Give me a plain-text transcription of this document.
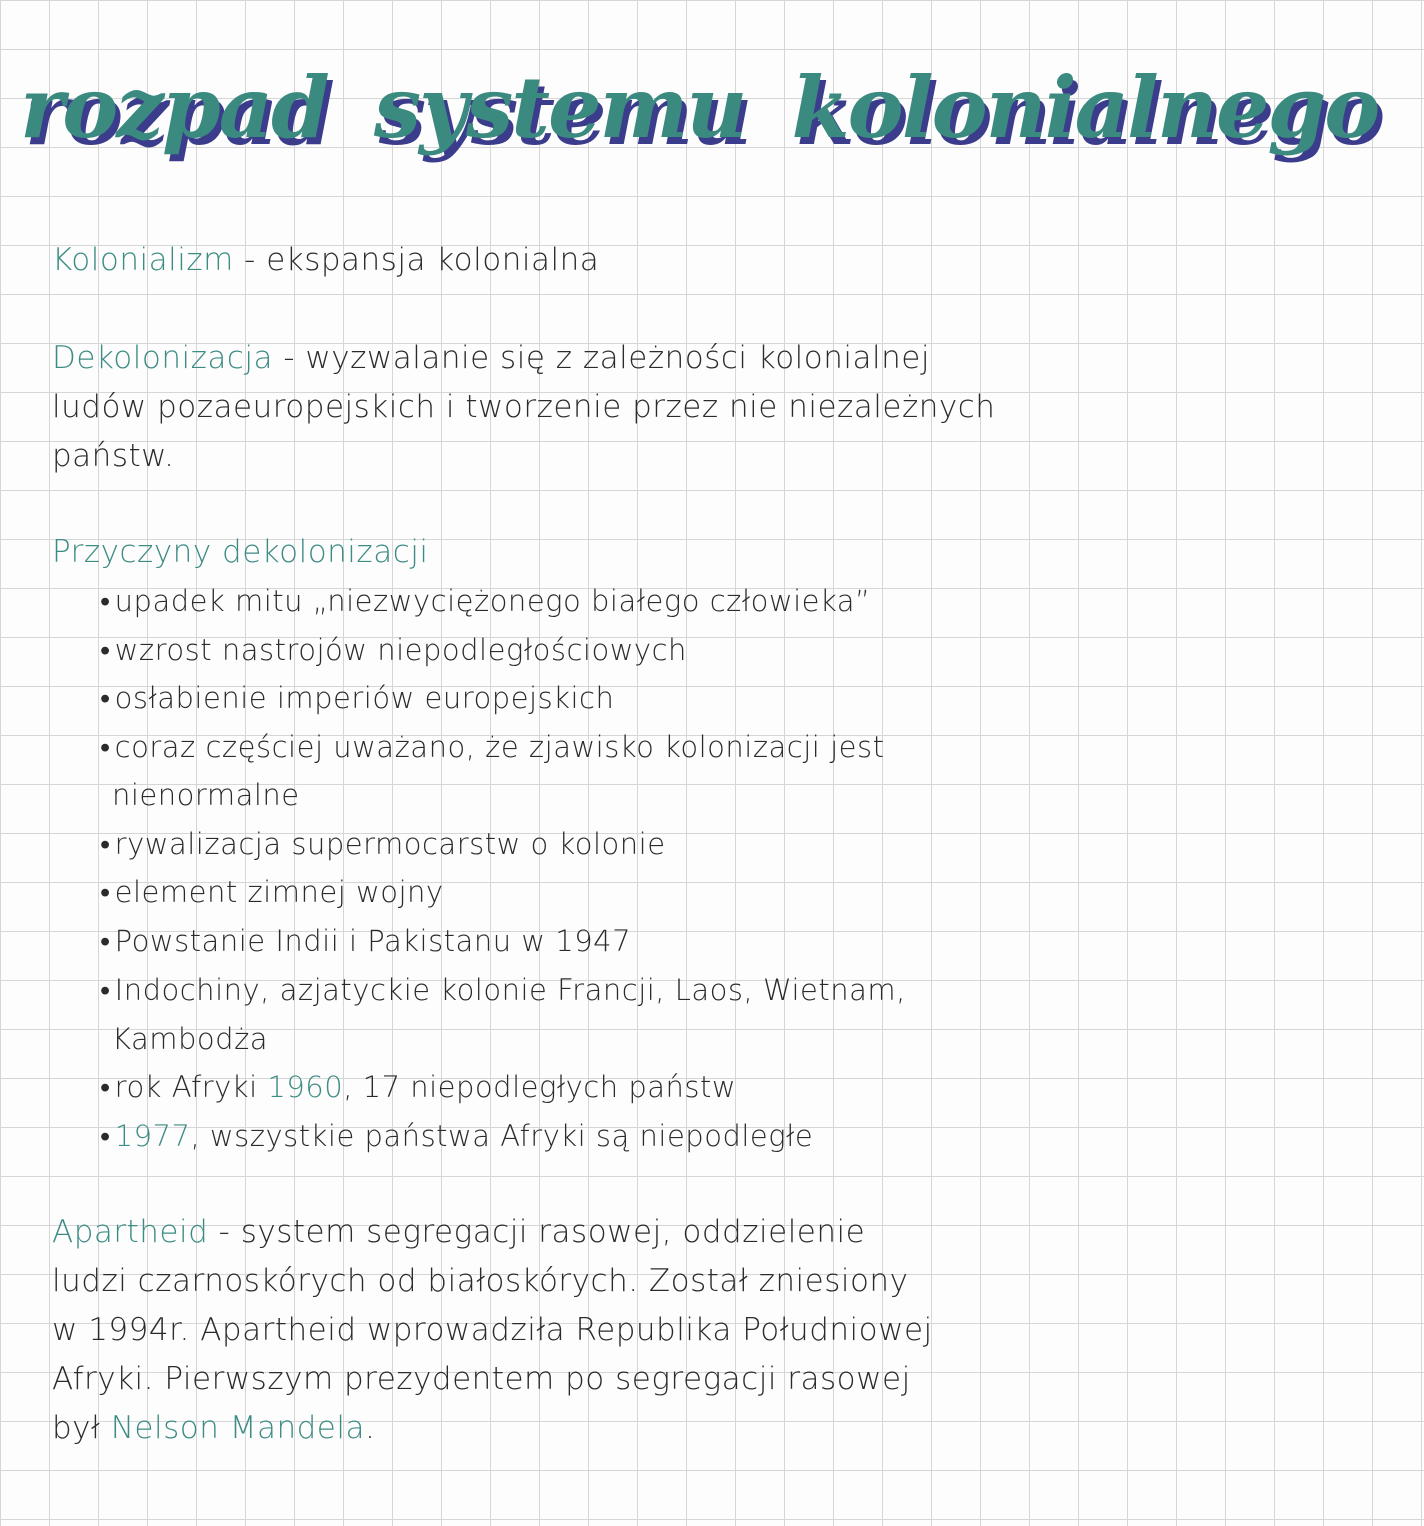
rozpad systemu kolonialnego
Kolonializm - ekspansja kolonialna
Dekolonizacja - wyzwalanie się z zależności kolonialnej
ludów pozaeuropejskich i tworzenie przez nie niezależnych
państw.
Przyczyny dekolonizacji
• upadek mitu „niezwyciężonego białego człowieka”
• wzrost nastrojów niepodległościowych
• osłabienie imperiów europejskich
• coraz częściej uważano, że zjawisko kolonizacji jest
nienormalne
• rywalizacja supermocarstw o kolonie
• element zimnej wojny
• Powstanie Indii i Pakistanu w 1947
• Indochiny, azjatyckie kolonie Francji, Laos, Wietnam,
Kambodża
• rok Afryki 1960, 17 niepodległych państw
• 1977, wszystkie państwa Afryki są niepodległe
Apartheid - system segregacji rasowej, oddzielenie
ludzi czarnoskórych od białoskórych. Został zniesiony
w 1994r. Apartheid wprowadziła Republika Południowej
Afryki. Pierwszym prezydentem po segregacji rasowej
był Nelson Mandela.
